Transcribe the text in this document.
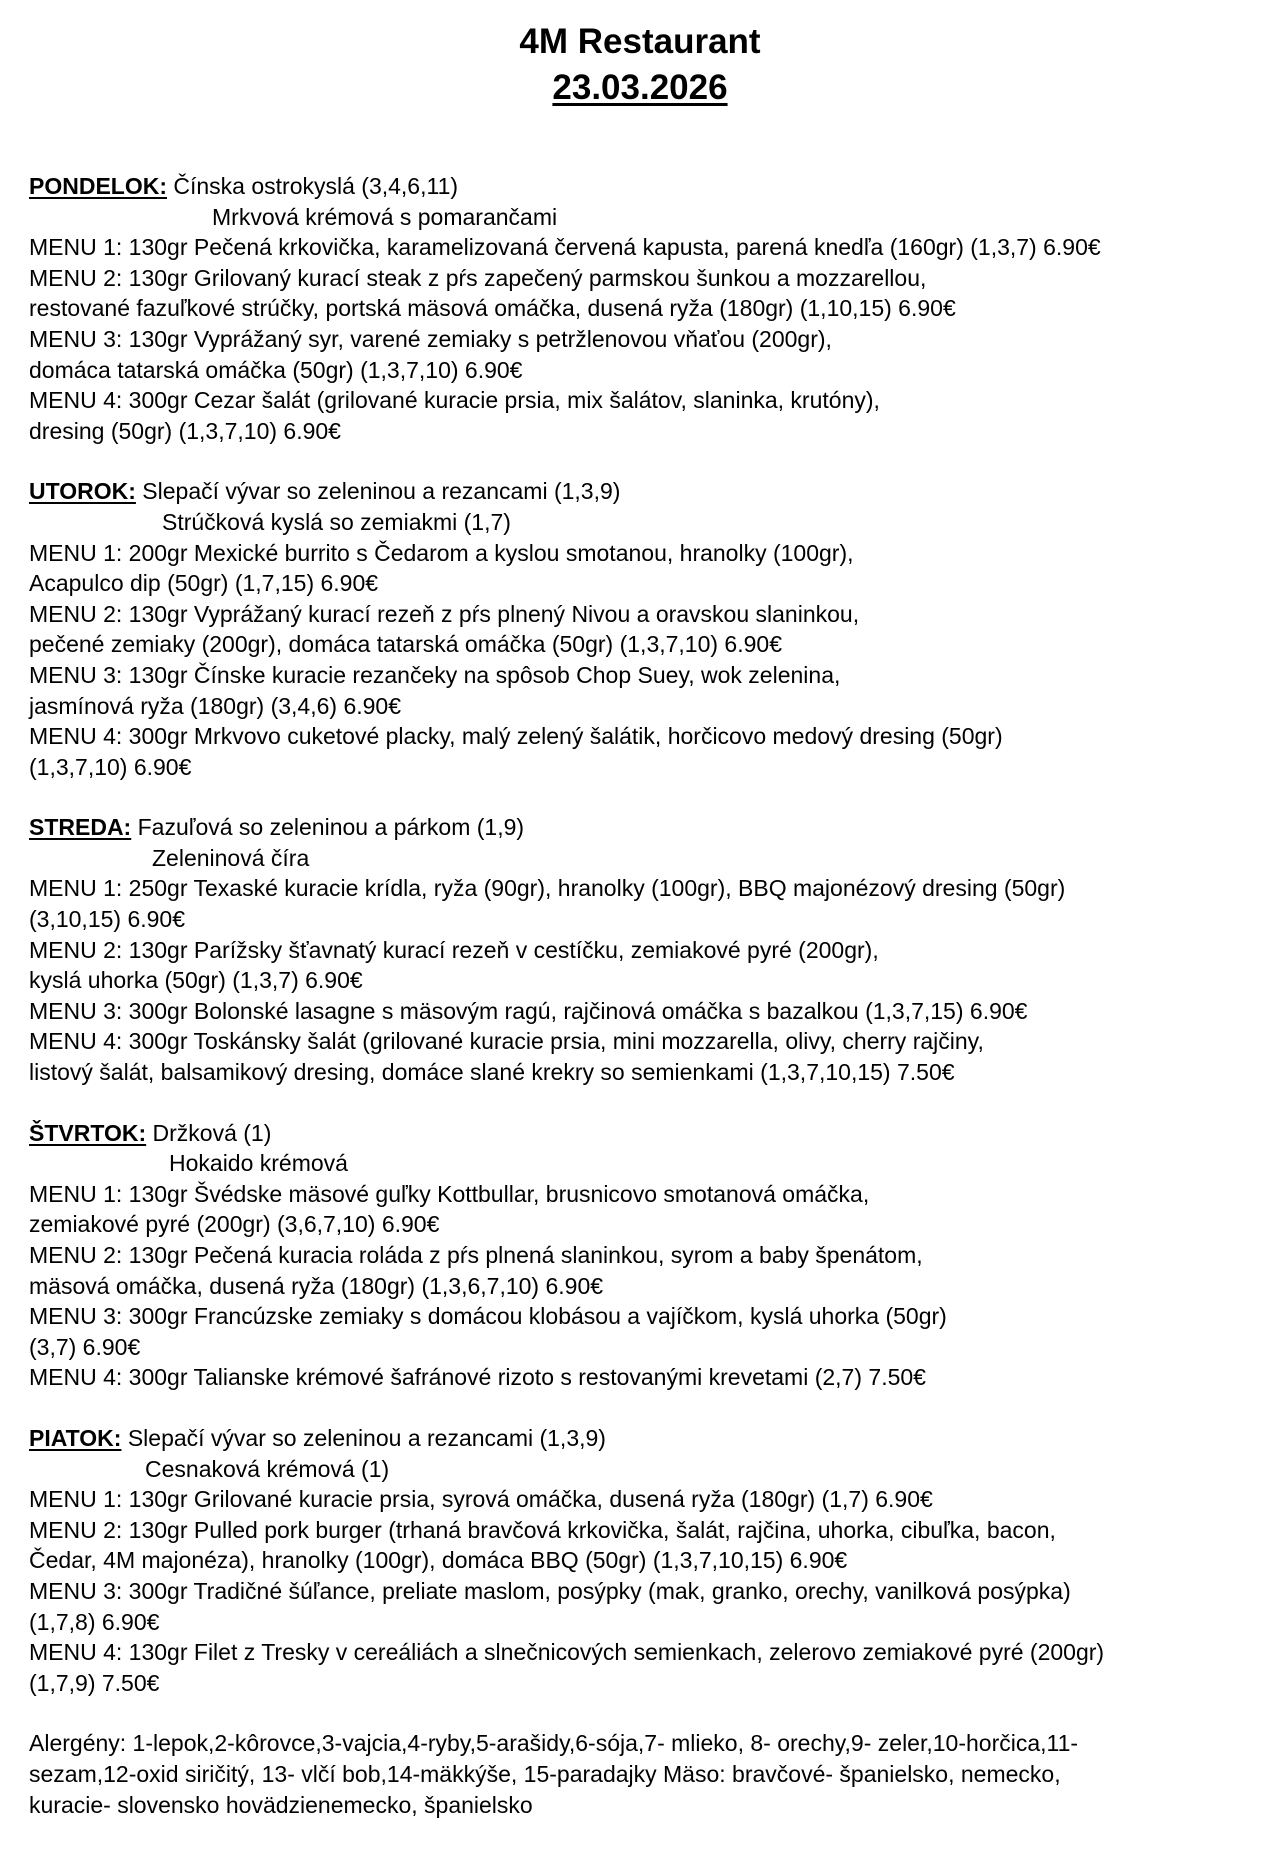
4M Restaurant
23.03.2026
PONDELOK: Čínska ostrokyslá (3,4,6,11)
Mrkvová krémová s pomarančami
MENU 1: 130gr Pečená krkovička, karamelizovaná červená kapusta, parená knedľa (160gr) (1,3,7) 6.90€
MENU 2: 130gr Grilovaný kurací steak z pŕs zapečený parmskou šunkou a mozzarellou,
restované fazuľkové strúčky, portská mäsová omáčka, dusená ryža (180gr) (1,10,15) 6.90€
MENU 3: 130gr Vyprážaný syr, varené zemiaky s petržlenovou vňaťou (200gr),
domáca tatarská omáčka (50gr) (1,3,7,10) 6.90€
MENU 4: 300gr Cezar šalát (grilované kuracie prsia, mix šalátov, slaninka, krutóny),
dresing (50gr) (1,3,7,10) 6.90€
UTOROK: Slepačí vývar so zeleninou a rezancami (1,3,9)
Strúčková kyslá so zemiakmi (1,7)
MENU 1: 200gr Mexické burrito s Čedarom a kyslou smotanou, hranolky (100gr),
Acapulco dip (50gr) (1,7,15) 6.90€
MENU 2: 130gr Vyprážaný kurací rezeň z pŕs plnený Nivou a oravskou slaninkou,
pečené zemiaky (200gr), domáca tatarská omáčka (50gr) (1,3,7,10) 6.90€
MENU 3: 130gr Čínske kuracie rezančeky na spôsob Chop Suey, wok zelenina,
jasmínová ryža (180gr) (3,4,6) 6.90€
MENU 4: 300gr Mrkvovo cuketové placky, malý zelený šalátik, horčicovo medový dresing (50gr)
(1,3,7,10) 6.90€
STREDA: Fazuľová so zeleninou a párkom (1,9)
Zeleninová číra
MENU 1: 250gr Texaské kuracie krídla, ryža (90gr), hranolky (100gr), BBQ majonézový dresing (50gr)
(3,10,15) 6.90€
MENU 2: 130gr Parížsky šťavnatý kurací rezeň v cestíčku, zemiakové pyré (200gr),
kyslá uhorka (50gr) (1,3,7) 6.90€
MENU 3: 300gr Bolonské lasagne s mäsovým ragú, rajčinová omáčka s bazalkou (1,3,7,15) 6.90€
MENU 4: 300gr Toskánsky šalát (grilované kuracie prsia, mini mozzarella, olivy, cherry rajčiny,
listový šalát, balsamikový dresing, domáce slané krekry so semienkami (1,3,7,10,15) 7.50€
ŠTVRTOK: Držková (1)
Hokaido krémová
MENU 1: 130gr Švédske mäsové guľky Kottbullar, brusnicovo smotanová omáčka,
zemiakové pyré (200gr) (3,6,7,10) 6.90€
MENU 2: 130gr Pečená kuracia roláda z pŕs plnená slaninkou, syrom a baby špenátom,
mäsová omáčka, dusená ryža (180gr) (1,3,6,7,10) 6.90€
MENU 3: 300gr Francúzske zemiaky s domácou klobásou a vajíčkom, kyslá uhorka (50gr)
(3,7) 6.90€
MENU 4: 300gr Talianske krémové šafránové rizoto s restovanými krevetami (2,7) 7.50€
PIATOK: Slepačí vývar so zeleninou a rezancami (1,3,9)
Cesnaková krémová (1)
MENU 1: 130gr Grilované kuracie prsia, syrová omáčka, dusená ryža (180gr) (1,7) 6.90€
MENU 2: 130gr Pulled pork burger (trhaná bravčová krkovička, šalát, rajčina, uhorka, cibuľka, bacon,
Čedar, 4M majonéza), hranolky (100gr), domáca BBQ (50gr) (1,3,7,10,15) 6.90€
MENU 3: 300gr Tradičné šúľance, preliate maslom, posýpky (mak, granko, orechy, vanilková posýpka)
(1,7,8) 6.90€
MENU 4: 130gr Filet z Tresky v cereáliách a slnečnicových semienkach, zelerovo zemiakové pyré (200gr)
(1,7,9) 7.50€
Alergény: 1-lepok,2-kôrovce,3-vajcia,4-ryby,5-arašidy,6-sója,7- mlieko, 8- orechy,9- zeler,10-horčica,11-
sezam,12-oxid siričitý, 13- vlčí bob,14-mäkkýše, 15-paradajky Mäso: bravčové- španielsko, nemecko,
kuracie- slovensko hovädzienemecko, španielsko
